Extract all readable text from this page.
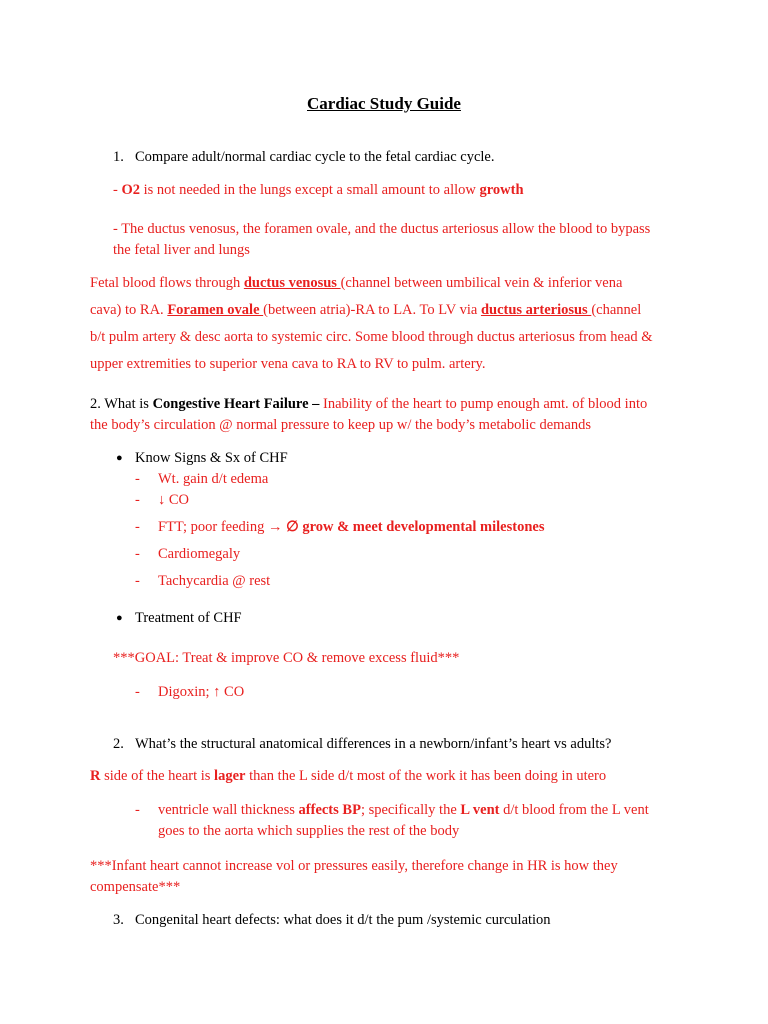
Cardiac Study Guide
1. Compare adult/normal cardiac cycle to the fetal cardiac cycle.
- O2 is not needed in the lungs except a small amount to allow growth
- The ductus venosus, the foramen ovale, and the ductus arteriosus allow the blood to bypass
the fetal liver and lungs
Fetal blood flows through ductus venosus (channel between umbilical vein & inferior vena
cava) to RA. Foramen ovale (between atria)-RA to LA. To LV via ductus arteriosus (channel
b/t pulm artery & desc aorta to systemic circ. Some blood through ductus arteriosus from head &
upper extremities to superior vena cava to RA to RV to pulm. artery.
2. What is Congestive Heart Failure – Inability of the heart to pump enough amt. of blood into
the body’s circulation @ normal pressure to keep up w/ the body’s metabolic demands
● Know Signs & Sx of CHF
- Wt. gain d/t edema
- ↓ CO
- FTT; poor feeding → ∅ grow & meet developmental milestones
- Cardiomegaly
- Tachycardia @ rest
● Treatment of CHF
***GOAL: Treat & improve CO & remove excess fluid***
- Digoxin; ↑ CO
2. What’s the structural anatomical differences in a newborn/infant’s heart vs adults?
R side of the heart is lager than the L side d/t most of the work it has been doing in utero
- ventricle wall thickness affects BP; specifically the L vent d/t blood from the L vent
goes to the aorta which supplies the rest of the body
***Infant heart cannot increase vol or pressures easily, therefore change in HR is how they
compensate***
3. Congenital heart defects: what does it d/t the pum /systemic curculation
